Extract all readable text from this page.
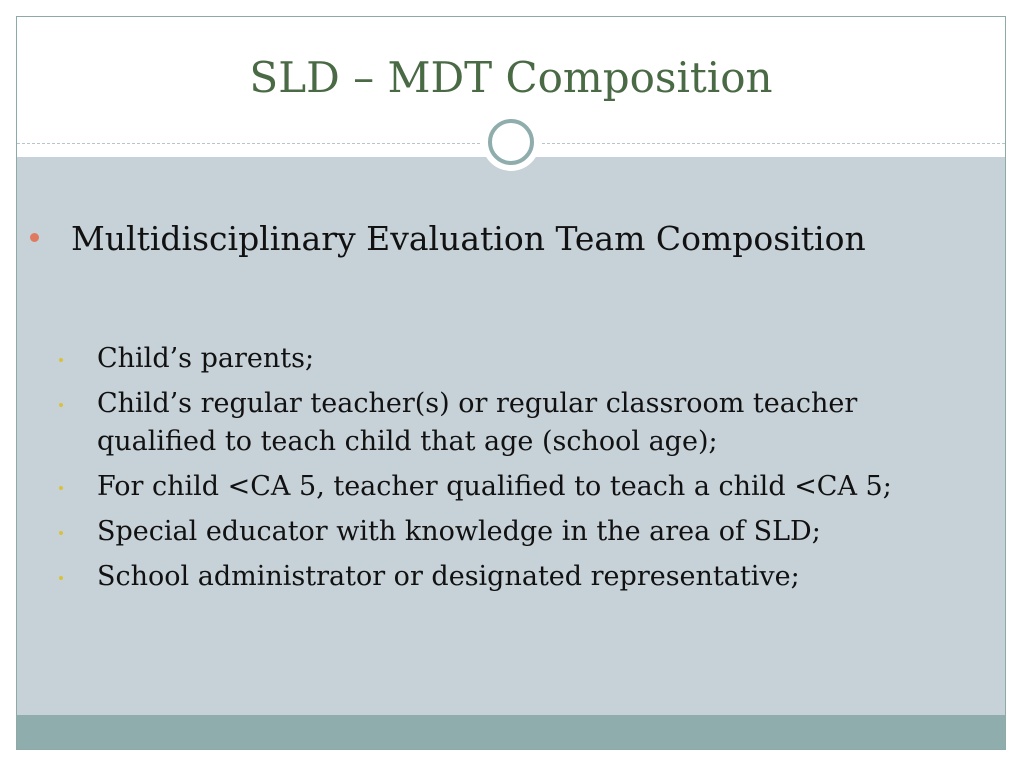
SLD – MDT Composition
Multidisciplinary Evaluation Team Composition
Child’s parents;
Child’s regular teacher(s) or regular classroom teacher qualified to teach child that age (school age);
For child <CA 5, teacher qualified to teach a child <CA 5;
Special educator with knowledge in the area of SLD;
School administrator or designated representative;
